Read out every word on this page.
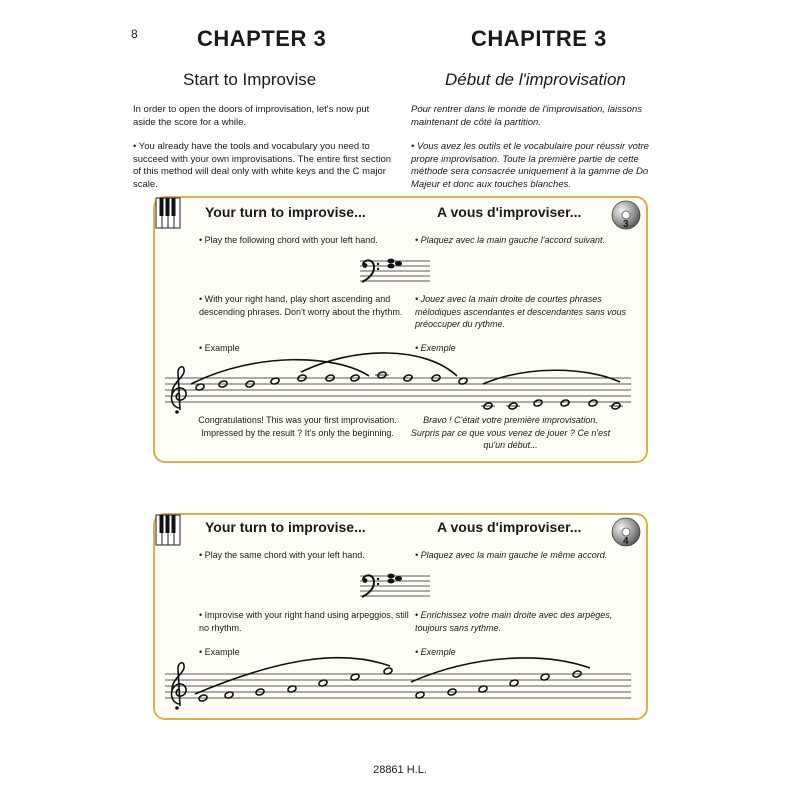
8	CHAPTER 3	CHAPITRE 3
Start to Improvise	Début de l'improvisation

In order to open the doors of improvisation, let's now put aside the score for a while.

• You already have the tools and vocabulary you need to succeed with your own improvisations. The entire first section of this method will deal only with white keys and the C major scale.

Pour rentrer dans le monde de l'improvisation, laissons maintenant de côté la partition.

• Vous avez les outils et le vocabulaire pour réussir votre propre improvisation. Toute la première partie de cette méthode sera consacrée uniquement à la gamme de Do Majeur et donc aux touches blanches.

Your turn to improvise...	A vous d'improviser...
3
• Play the following chord with your left hand.	• Plaquez avec la main gauche l'accord suivant.
• With your right hand, play short ascending and descending phrases. Don't worry about the rhythm.
• Jouez avec la main droite de courtes phrases mélodiques ascendantes et descendantes sans vous préoccuper du rythme.
• Example	• Exemple
Congratulations! This was your first improvisation. Impressed by the result ? It's only the beginning.
Bravo ! C'était votre première improvisation. Surpris par ce que vous venez de jouer ? Ce n'est qu'un début...
Your turn to improvise...	A vous d'improviser...
4
• Play the same chord with your left hand.	• Plaquez avec la main gauche le même accord.
• Improvise with your right hand using arpeggios, still no rhythm.
• Enrichissez votre main droite avec des arpèges, toujours sans rythme.
• Example	• Exemple
28861 H.L.
